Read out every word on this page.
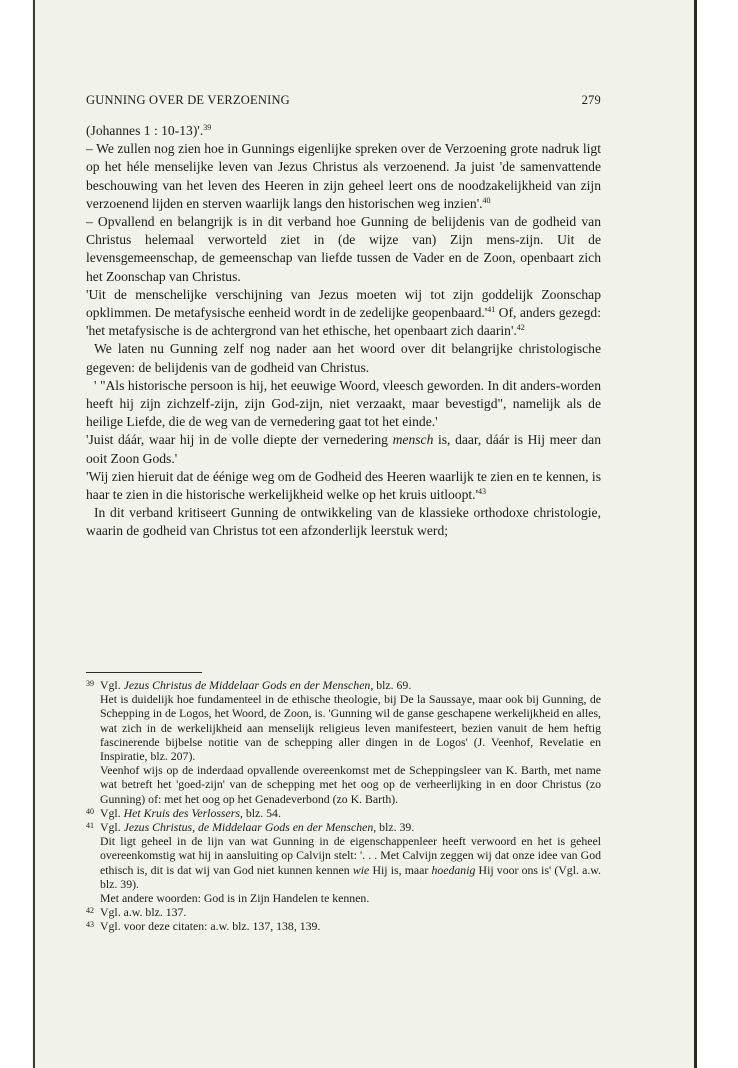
GUNNING OVER DE VERZOENING	279

(Johannes 1 : 10-13)'.$^{39}$

– We zullen nog zien hoe in Gunnings eigenlijke spreken over de Verzoening grote nadruk ligt op het héle menselijke leven van Jezus Christus als verzoenend. Ja juist 'de samenvattende beschouwing van het leven des Heeren in zijn geheel leert ons de noodzakelijkheid van zijn verzoenend lijden en sterven waarlijk langs den historischen weg inzien'.$^{40}$

– Opvallend en belangrijk is in dit verband hoe Gunning de belijdenis van de godheid van Christus helemaal verworteld ziet in (de wijze van) Zijn mens-zijn. Uit de levensgemeenschap, de gemeenschap van liefde tussen de Vader en de Zoon, openbaart zich het Zoonschap van Christus.

'Uit de menschelijke verschijning van Jezus moeten wij tot zijn goddelijk Zoonschap opklimmen. De metafysische eenheid wordt in de zedelijke $geopenbaard.'^{41}$ Of, anders gezegd: 'het metafysische is de achtergrond van het ethische, het openbaart zich daarin'.$^{42}$

We laten nu Gunning zelf nog nader aan het woord over dit belangrijke christologische gegeven: de belijdenis van de godheid van Christus.

' "Als historische persoon is hij, het eeuwige Woord, vleesch geworden. In dit anders-worden heeft hij zijn zichzelf-zijn, zijn God-zijn, niet verzaakt, maar bevestigd", namelijk als de heilige Liefde, die de weg van de vernedering gaat tot het einde.'

'Juist dáár, waar hij in de volle diepte der vernedering mensch is, daar, dáár is Hij meer dan ooit Zoon Gods.'

'Wij zien hieruit dat de éénige weg om de Godheid des Heeren waarlijk te zien en te kennen, is haar te zien in die historische werkelijkheid welke op het kruis $uitloopt.'^{43}$

In dit verband kritiseert Gunning de ontwikkeling van de klassieke orthodoxe christologie, waarin de godheid van Christus tot een afzonderlijk leerstuk werd;

39 Vgl. Jezus Christus de Middelaar Gods en der Menschen, blz. 69.

Het is duidelijk hoe fundamenteel in de ethische theologie, bij De la Saussaye, maar ook bij Gunning, de Schepping in de Logos, het Woord, de Zoon, is. 'Gunning wil de ganse geschapene werkelijkheid en alles, wat zich in de werkelijkheid aan menselijk religieus leven manifesteert, bezien vanuit de hem heftig fascinerende bijbelse notitie van de schepping aller dingen in de Logos' (J. Veenhof, Revelatie en Inspiratie, blz. 207).

Veenhof wijs op de inderdaad opvallende overeenkomst met de Scheppingsleer van K. Barth, met name wat betreft het 'goed-zijn' van de schepping met het oog op de verheerlijking in en door Christus (zo Gunning) of: met het oog op het Genadeverbond (zo K. Barth).

40 Vgl. Het Kruis des Verlossers, blz. 54.

41 Vgl. Jezus Christus, de Middelaar Gods en der Menschen, blz. 39.

Dit ligt geheel in de lijn van wat Gunning in de eigenschappenleer heeft verwoord en het is geheel overeenkomstig wat hij in aansluiting op Calvijn stelt: '. . . Met Calvijn zeggen wij dat onze idee van God ethisch is, dit is dat wij van God niet kunnen kennen wie Hij is, maar hoedanig Hij voor ons is' (Vgl. a.w. blz. 39).

Met andere woorden: God is in Zijn Handelen te kennen.

42 Vgl. a.w. blz. 137.

43 Vgl. voor deze citaten: a.w. blz. 137, 138, 139.
